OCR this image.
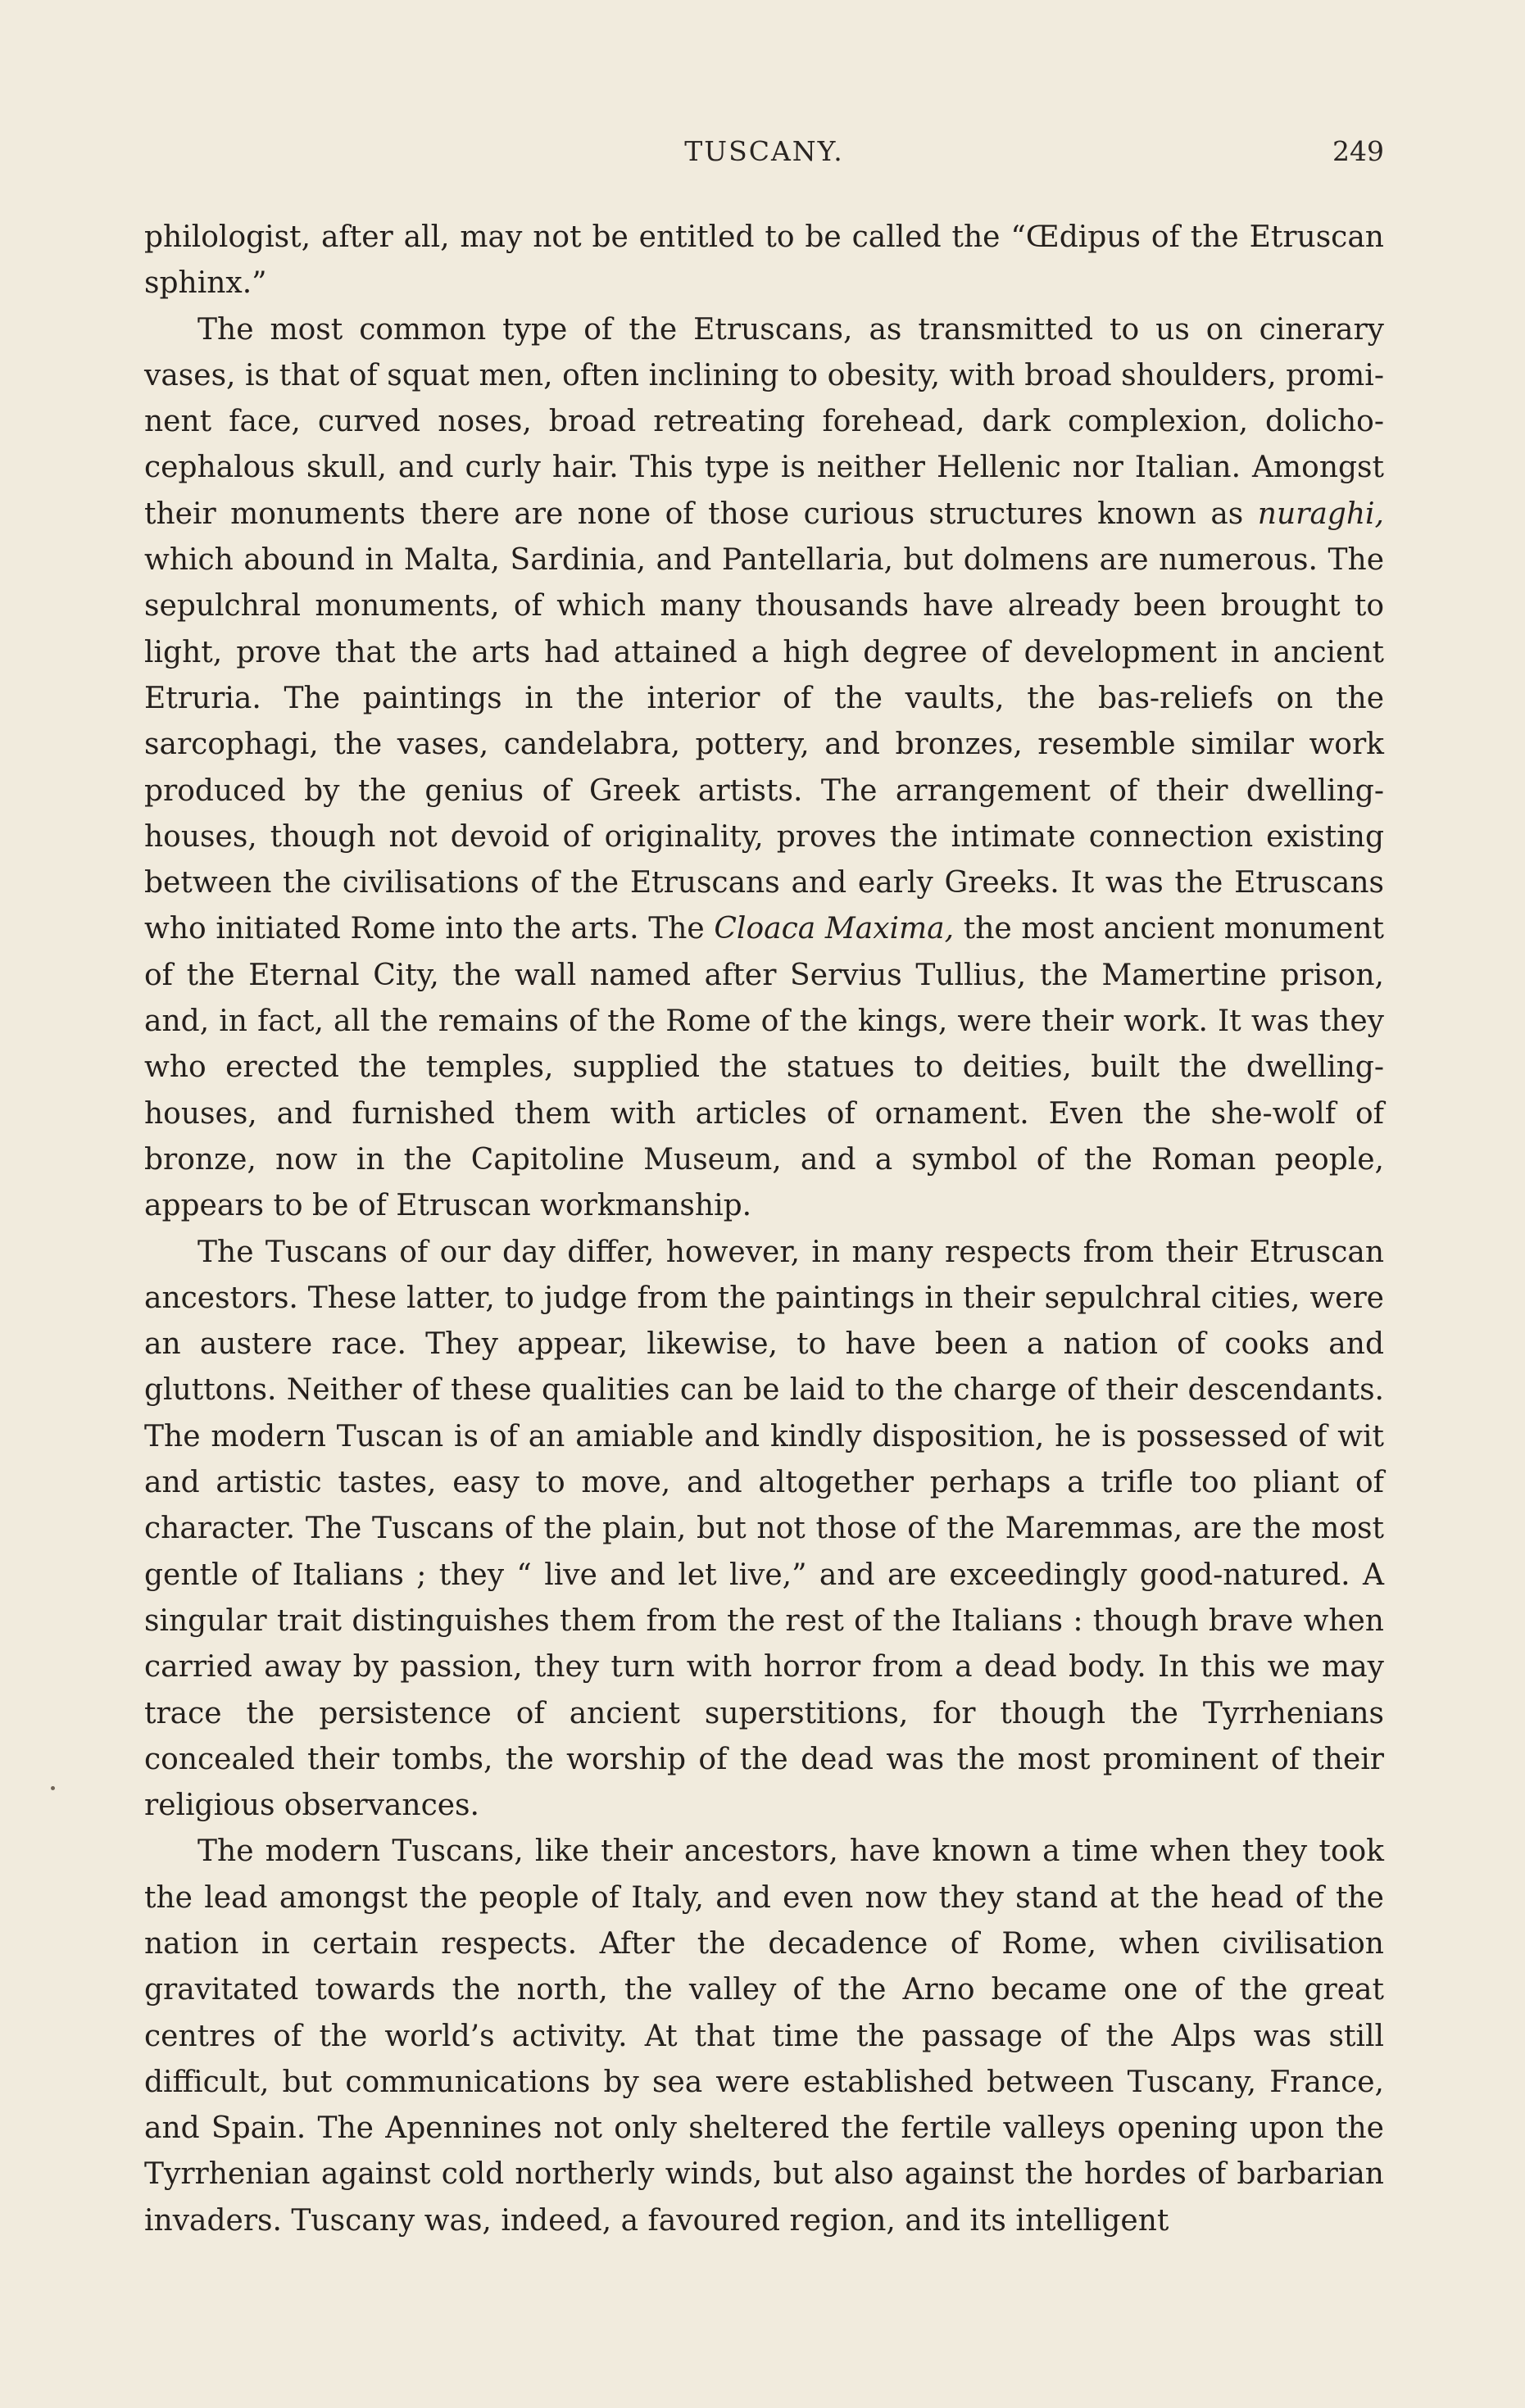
TUSCANY.	249

philologist, after all, may not be entitled to be called the “Œdipus of the Etruscan sphinx.”

The most common type of the Etruscans, as transmitted to us on cinerary vases, is that of squat men, often inclining to obesity, with broad shoulders, prominent face, curved noses, broad retreating forehead, dark complexion, dolichocephalous skull, and curly hair. This type is neither Hellenic nor Italian. Amongst their monuments there are none of those curious structures known as nuraghi, which abound in Malta, Sardinia, and Pantellaria, but dolmens are numerous. The sepulchral monuments, of which many thousands have already been brought to light, prove that the arts had attained a high degree of development in ancient Etruria. The paintings in the interior of the vaults, the bas-reliefs on the sarcophagi, the vases, candelabra, pottery, and bronzes, resemble similar work produced by the genius of Greek artists. The arrangement of their dwelling-houses, though not devoid of originality, proves the intimate connection existing between the civilisations of the Etruscans and early Greeks. It was the Etruscans who initiated Rome into the arts. The Cloaca Maxima, the most ancient monument of the Eternal City, the wall named after Servius Tullius, the Mamertine prison, and, in fact, all the remains of the Rome of the kings, were their work. It was they who erected the temples, supplied the statues to deities, built the dwelling-houses, and furnished them with articles of ornament. Even the she-wolf of bronze, now in the Capitoline Museum, and a symbol of the Roman people, appears to be of Etruscan workmanship.

The Tuscans of our day differ, however, in many respects from their Etruscan ancestors. These latter, to judge from the paintings in their sepulchral cities, were an austere race. They appear, likewise, to have been a nation of cooks and gluttons. Neither of these qualities can be laid to the charge of their descendants. The modern Tuscan is of an amiable and kindly disposition, he is possessed of wit and artistic tastes, easy to move, and altogether perhaps a trifle too pliant of character. The Tuscans of the plain, but not those of the Maremmas, are the most gentle of Italians ; they “ live and let live,” and are exceedingly good-natured. A singular trait distinguishes them from the rest of the Italians : though brave when carried away by passion, they turn with horror from a dead body. In this we may trace the persistence of ancient superstitions, for though the Tyrrhenians concealed their tombs, the worship of the dead was the most prominent of their religious observances.

The modern Tuscans, like their ancestors, have known a time when they took the lead amongst the people of Italy, and even now they stand at the head of the nation in certain respects. After the decadence of Rome, when civilisation gravitated towards the north, the valley of the Arno became one of the great centres of the world’s activity. At that time the passage of the Alps was still difficult, but communications by sea were established between Tuscany, France, and Spain. The Apennines not only sheltered the fertile valleys opening upon the Tyrrhenian against cold northerly winds, but also against the hordes of barbarian invaders. Tuscany was, indeed, a favoured region, and its intelligent
